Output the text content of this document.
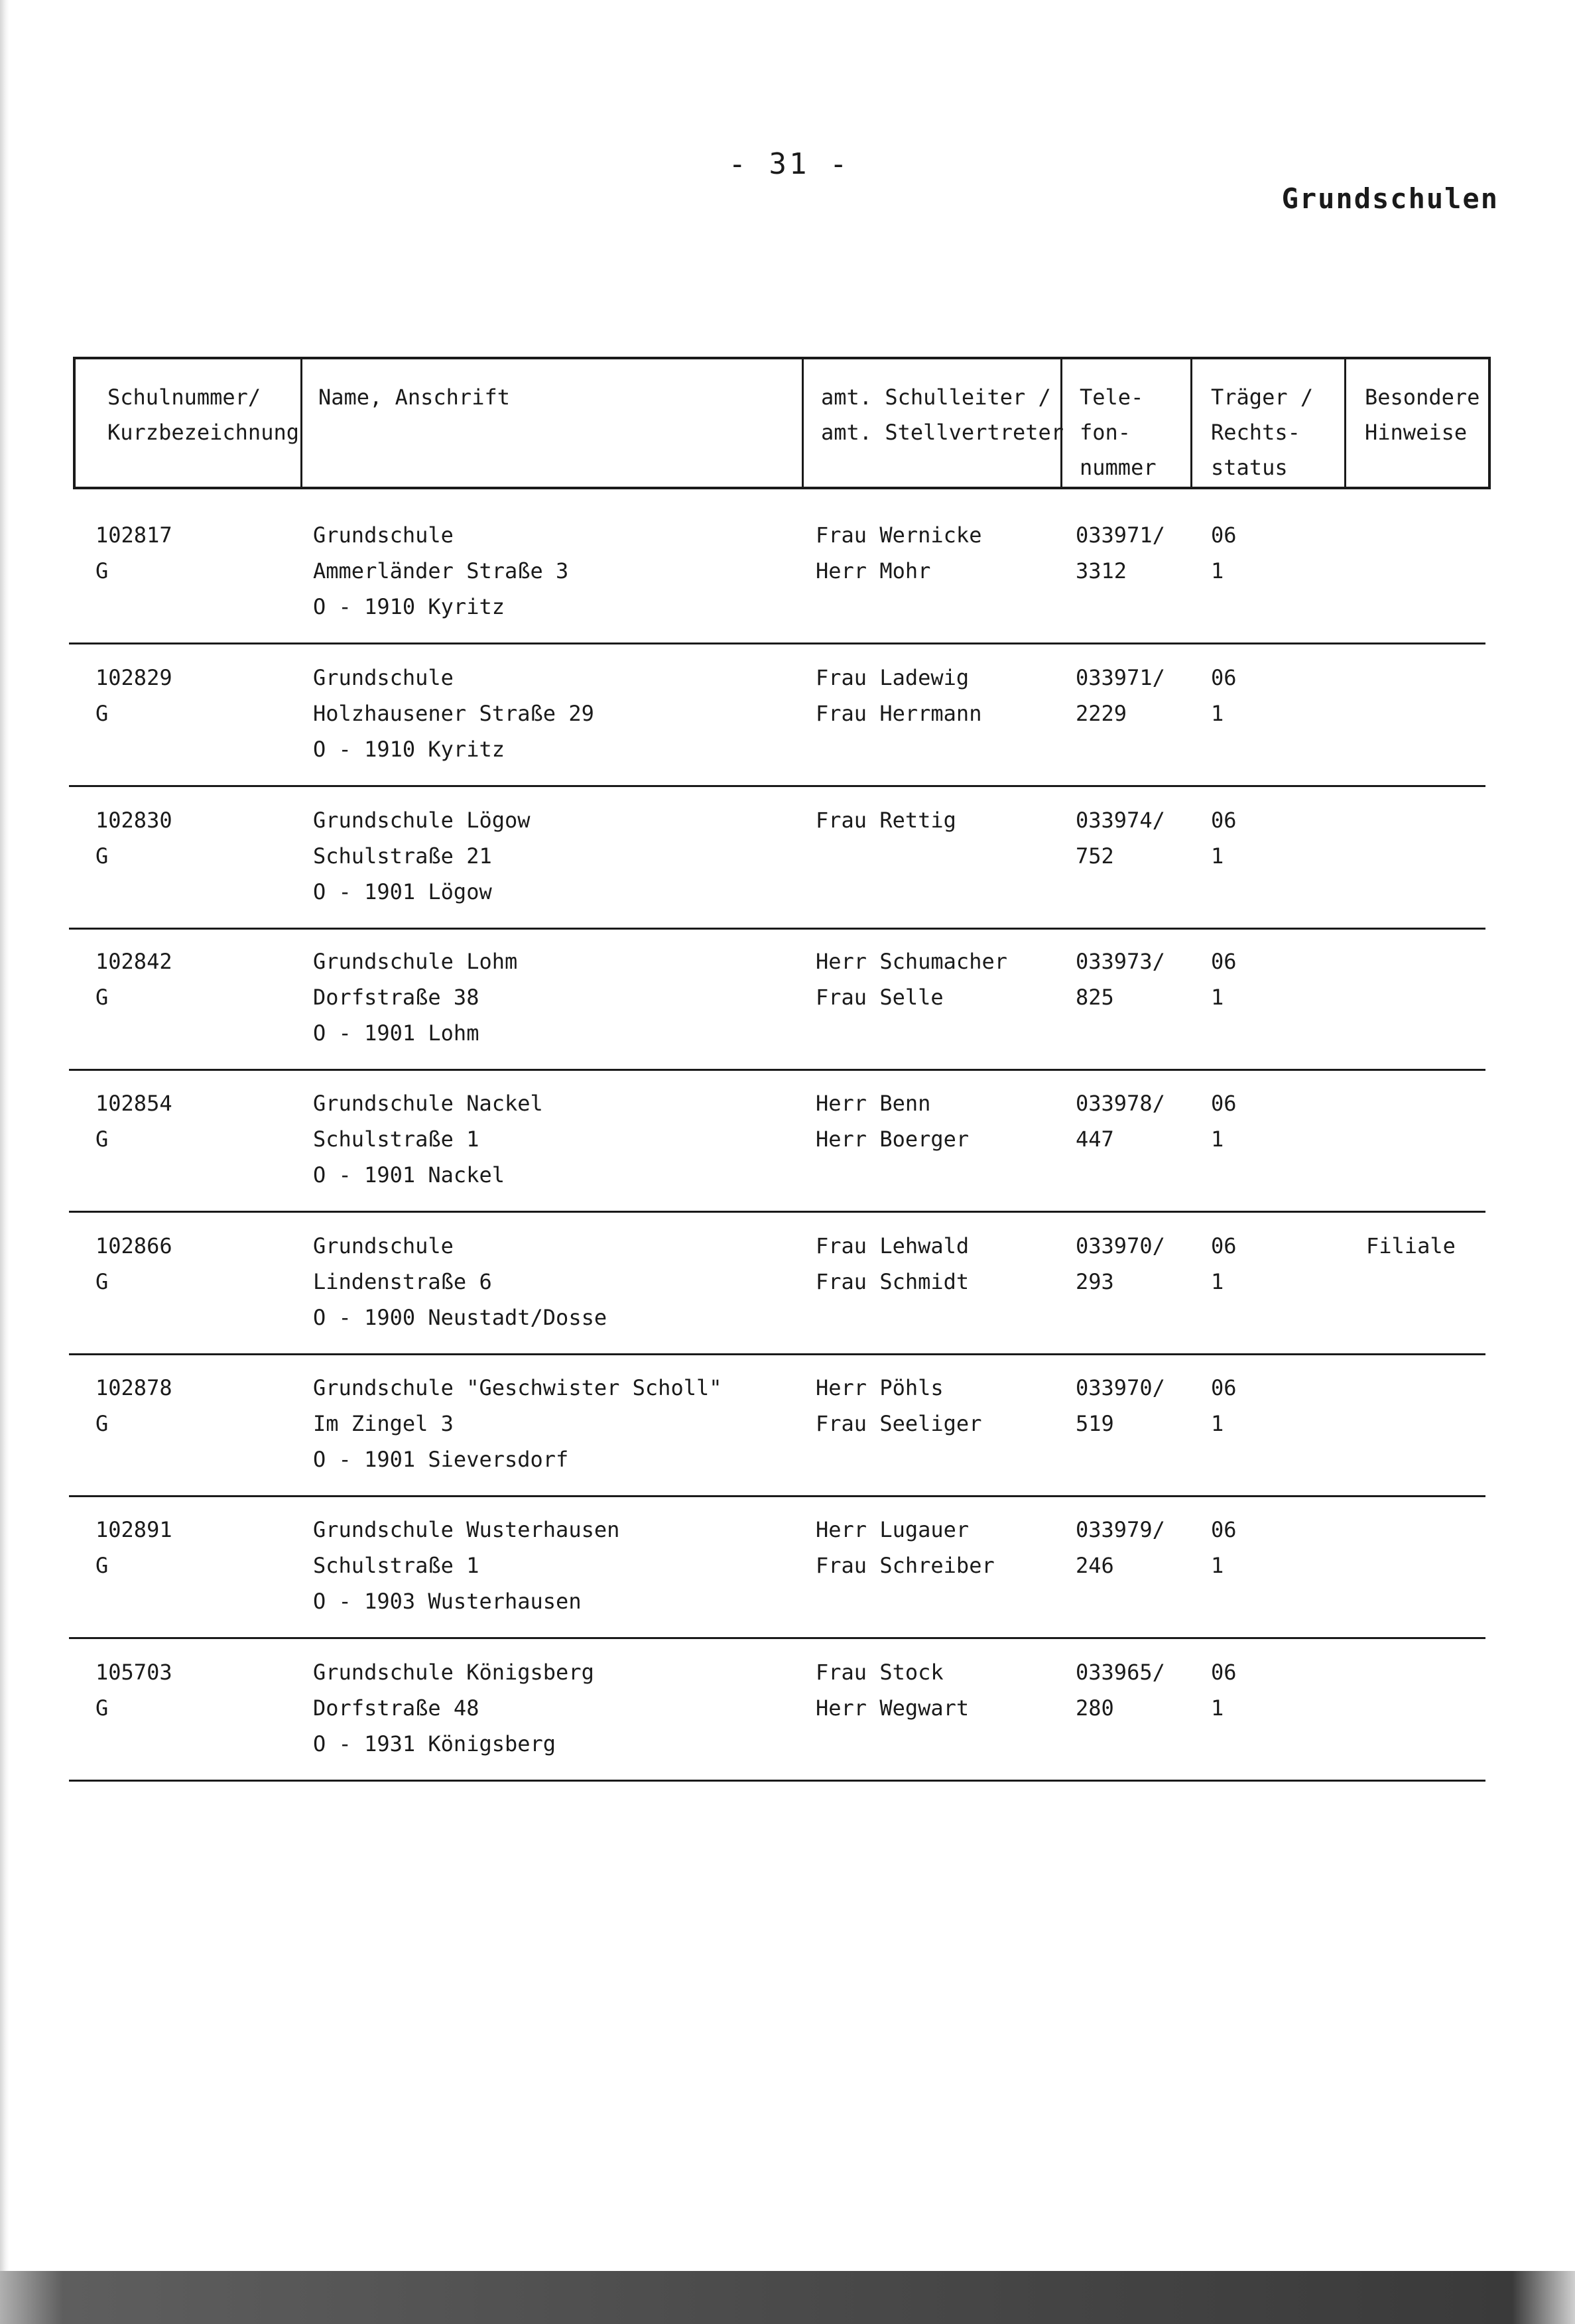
- 31 -
Grundschulen
Schulnummer/
Kurzbezeichnung
Name, Anschrift	amt. Schulleiter /
amt. Stellvertreter
Tele-
fon-
nummer
Träger /
Rechts-
status
Besondere
Hinweise
102817
G
Grundschule
Ammerländer Straße 3
O - 1910 Kyritz
Frau Wernicke
Herr Mohr
033971/
3312
06
1

102829
G
Grundschule
Holzhausener Straße 29
O - 1910 Kyritz
Frau Ladewig
Frau Herrmann
033971/
2229
06
1

102830
G
Grundschule Lögow
Schulstraße 21
O - 1901 Lögow
Frau Rettig
	033974/
752
06
1

102842
G
Grundschule Lohm
Dorfstraße 38
O - 1901 Lohm
Herr Schumacher
Frau Selle
033973/
825
06
1

102854
G
Grundschule Nackel
Schulstraße 1
O - 1901 Nackel
Herr Benn
Herr Boerger
033978/
447
06
1

102866
G
Grundschule
Lindenstraße 6
O - 1900 Neustadt/Dosse
Frau Lehwald
Frau Schmidt
033970/
293
06
1
Filiale
102878
G
Grundschule "Geschwister Scholl"
Im Zingel 3
O - 1901 Sieversdorf
Herr Pöhls
Frau Seeliger
033970/
519
06
1

102891
G
Grundschule Wusterhausen
Schulstraße 1
O - 1903 Wusterhausen
Herr Lugauer
Frau Schreiber
033979/
246
06
1

105703
G
Grundschule Königsberg
Dorfstraße 48
O - 1931 Königsberg
Frau Stock
Herr Wegwart
033965/
280
06
1
